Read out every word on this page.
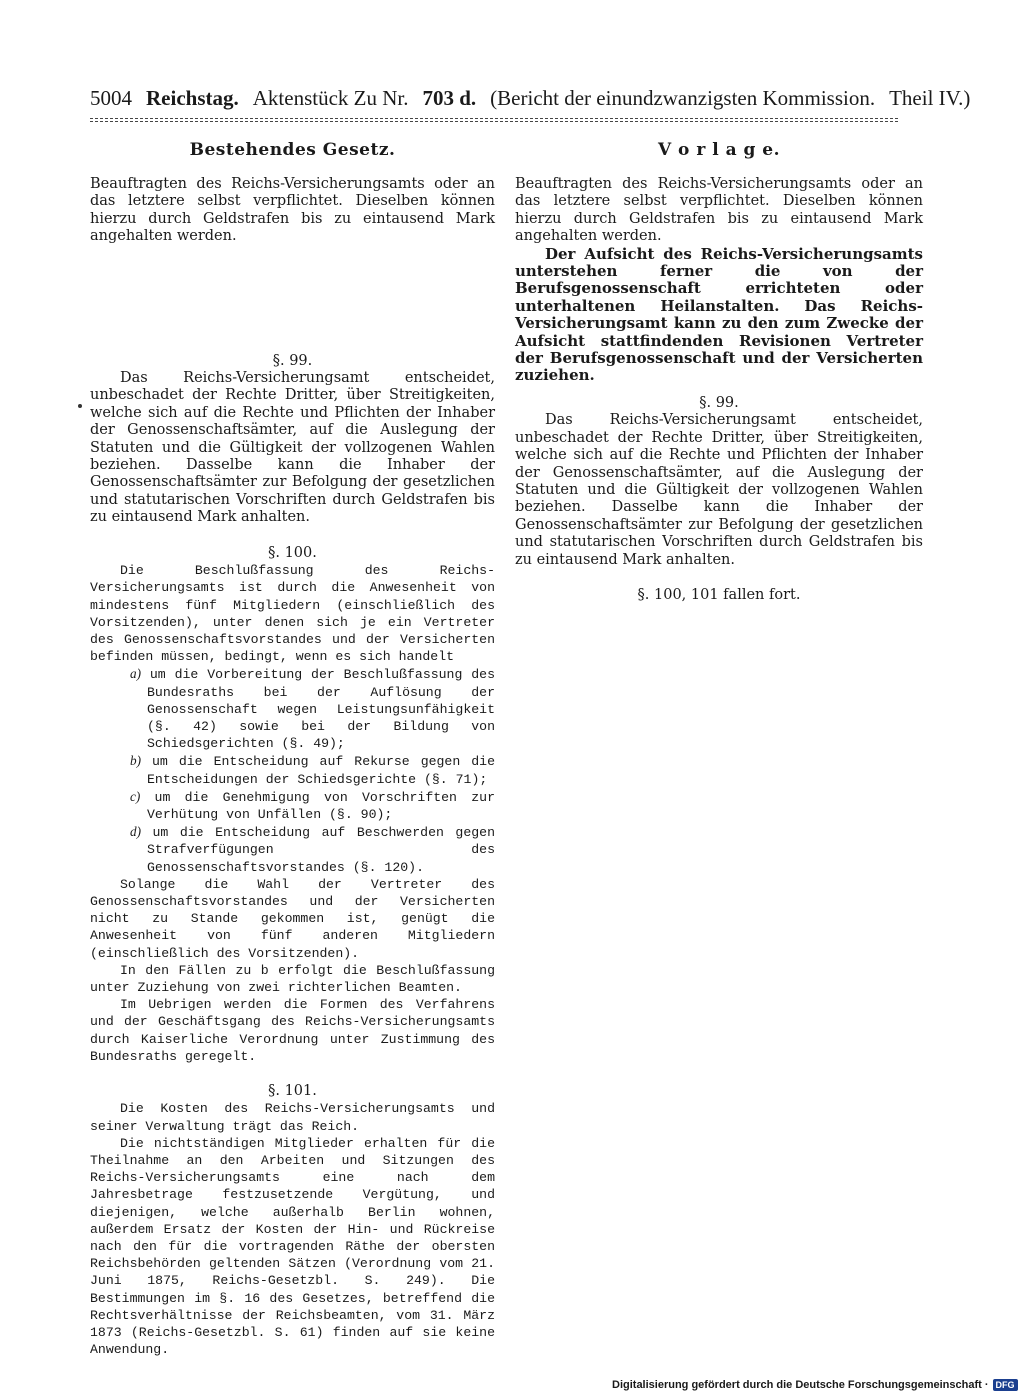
5004 Reichstag. Aktenstück Zu Nr. 703 d. (Bericht der einundzwanzigsten Kommission. Theil IV.)
Bestehendes Gesetz.

Beauftragten des Reichs-Versicherungsamts oder an das letztere selbst verpflichtet. Dieselben können hierzu durch Geldstrafen bis zu eintausend Mark angehalten werden.

§. 99.

Das Reichs-Versicherungsamt entscheidet, unbeschadet der Rechte Dritter, über Streitigkeiten, welche sich auf die Rechte und Pflichten der Inhaber der Genossenschaftsämter, auf die Auslegung der Statuten und die Gültigkeit der vollzogenen Wahlen beziehen. Dasselbe kann die Inhaber der Genossenschaftsämter zur Befolgung der gesetzlichen und statutarischen Vorschriften durch Geldstrafen bis zu eintausend Mark anhalten.

§. 100.

Die Beschlußfassung des Reichs-Versicherungsamts ist durch die Anwesenheit von mindestens fünf Mitgliedern (einschließlich des Vorsitzenden), unter denen sich je ein Vertreter des Genossenschaftsvorstandes und der Versicherten befinden müssen, bedingt, wenn es sich handelt

a) um die Vorbereitung der Beschlußfassung des Bundesraths bei der Auflösung der Genossenschaft wegen Leistungsunfähigkeit (§. 42) sowie bei der Bildung von Schiedsgerichten (§. 49);
b) um die Entscheidung auf Rekurse gegen die Entscheidungen der Schiedsgerichte (§. 71);
c) um die Genehmigung von Vorschriften zur Verhütung von Unfällen (§. 90);
d) um die Entscheidung auf Beschwerden gegen Strafverfügungen des Genossenschaftsvorstandes (§. 120).

Solange die Wahl der Vertreter des Genossenschaftsvorstandes und der Versicherten nicht zu Stande gekommen ist, genügt die Anwesenheit von fünf anderen Mitgliedern (einschließlich des Vorsitzenden).

In den Fällen zu b erfolgt die Beschlußfassung unter Zuziehung von zwei richterlichen Beamten.

Im Uebrigen werden die Formen des Verfahrens und der Geschäftsgang des Reichs-Versicherungsamts durch Kaiserliche Verordnung unter Zustimmung des Bundesraths geregelt.

§. 101.

Die Kosten des Reichs-Versicherungsamts und seiner Verwaltung trägt das Reich.

Die nichtständigen Mitglieder erhalten für die Theilnahme an den Arbeiten und Sitzungen des Reichs-Versicherungsamts eine nach dem Jahresbetrage festzusetzende Vergütung, und diejenigen, welche außerhalb Berlin wohnen, außerdem Ersatz der Kosten der Hin- und Rückreise nach den für die vortragenden Räthe der obersten Reichsbehörden geltenden Sätzen (Verordnung vom 21. Juni 1875, Reichs-Gesetzbl. S. 249). Die Bestimmungen im §. 16 des Gesetzes, betreffend die Rechtsverhältnisse der Reichsbeamten, vom 31. März 1873 (Reichs-Gesetzbl. S. 61) finden auf sie keine Anwendung.

V o r l a g e.

Beauftragten des Reichs-Versicherungsamts oder an das letztere selbst verpflichtet. Dieselben können hierzu durch Geldstrafen bis zu eintausend Mark angehalten werden.

Der Aufsicht des Reichs-Versicherungsamts unterstehen ferner die von der Berufsgenossenschaft errichteten oder unterhaltenen Heilanstalten. Das Reichs-Versicherungsamt kann zu den zum Zwecke der Aufsicht stattfindenden Revisionen Vertreter der Berufsgenossenschaft und der Versicherten zuziehen.

§. 99.

Das Reichs-Versicherungsamt entscheidet, unbeschadet der Rechte Dritter, über Streitigkeiten, welche sich auf die Rechte und Pflichten der Inhaber der Genossenschaftsämter, auf die Auslegung der Statuten und die Gültigkeit der vollzogenen Wahlen beziehen. Dasselbe kann die Inhaber der Genossenschaftsämter zur Befolgung der gesetzlichen und statutarischen Vorschriften durch Geldstrafen bis zu eintausend Mark anhalten.

§. 100, 101 fallen fort.

Digitalisierung gefördert durch die Deutsche Forschungsgemeinschaft · DFG
